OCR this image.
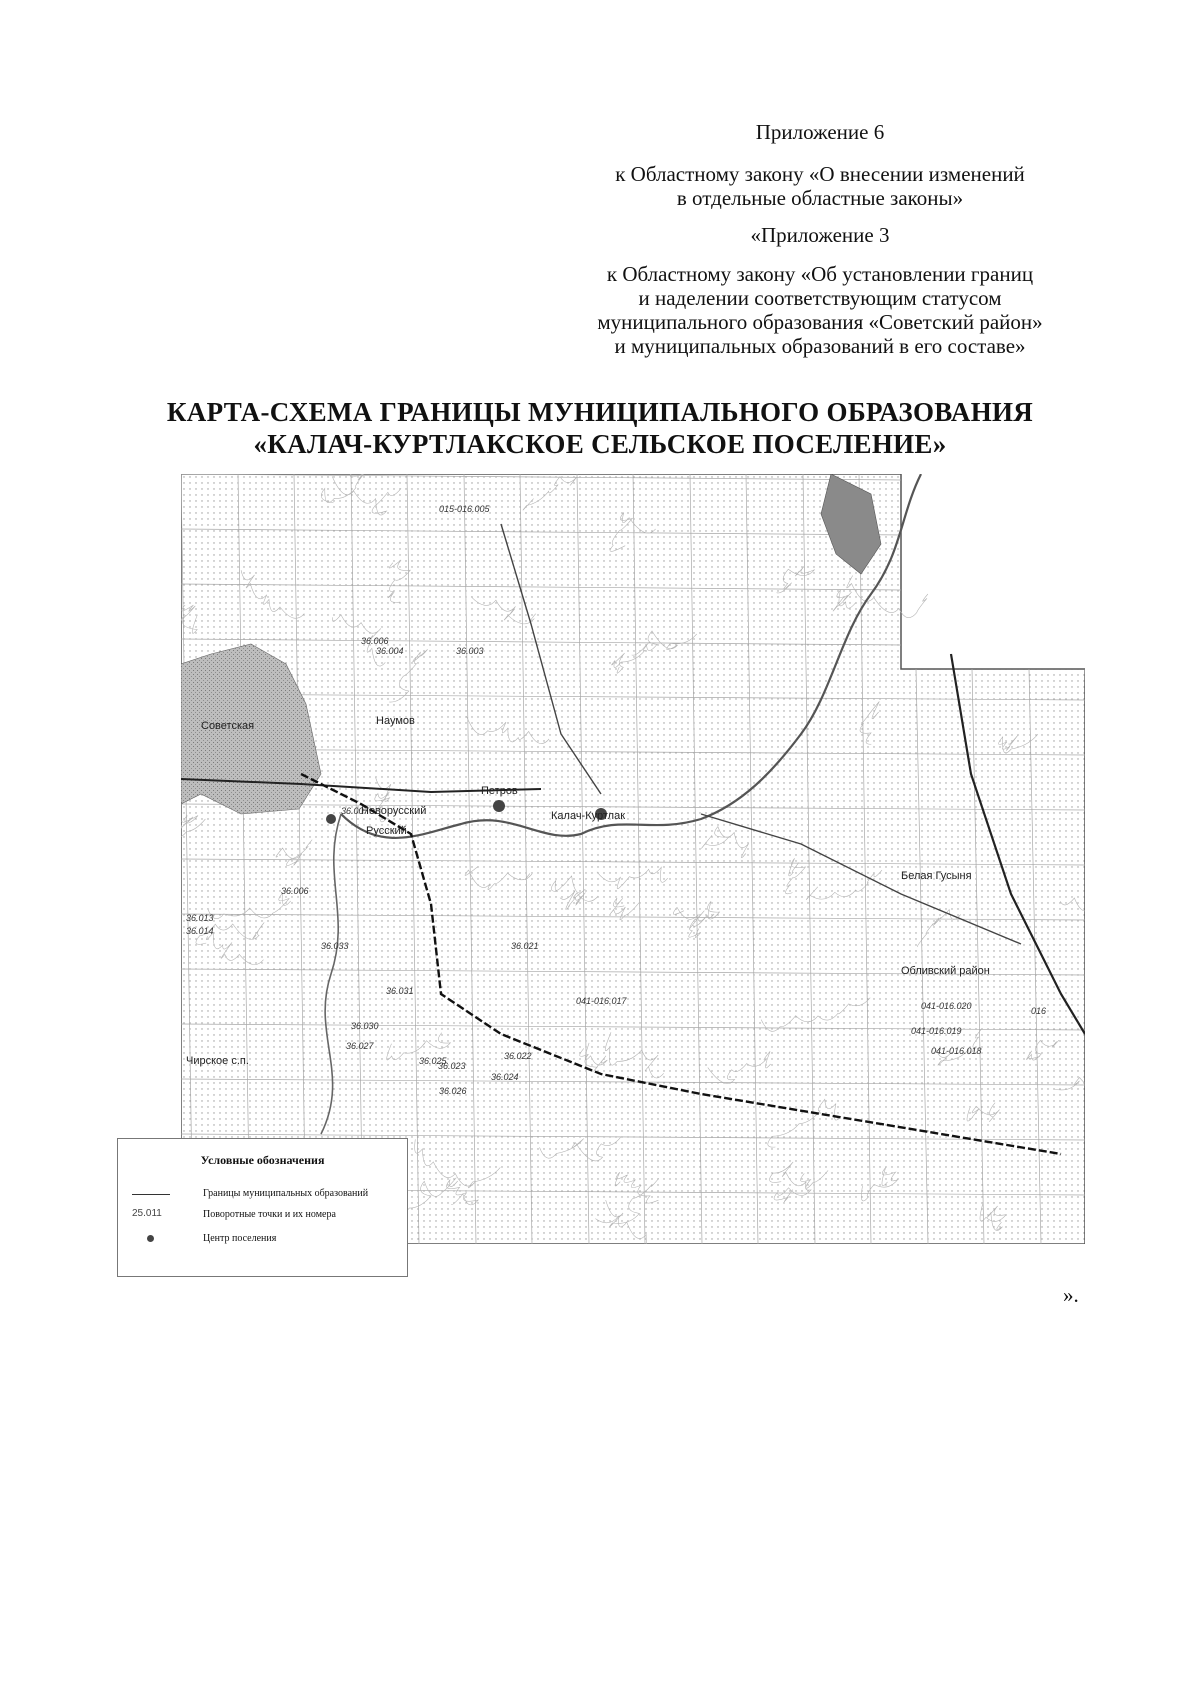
Приложение 6
к Областному закону «О внесении изменений
в отдельные областные законы»
«Приложение 3
к Областному закону «Об установлении границ
и наделении соответствующим статусом
муниципального образования «Советский район»
и муниципальных образований в его составе»
КАРТА-СХЕМА ГРАНИЦЫ МУНИЦИПАЛЬНОГО ОБРАЗОВАНИЯ
«КАЛАЧ-КУРТЛАКСКОЕ СЕЛЬСКОЕ ПОСЕЛЕНИЕ»
Советская	Наумов
Петров
Калач-Куртлак
Новорусский
Русский
Чирское с.п.
Белая Гусыня
Обливский район
015-016.005
36.006
36.004	36.003
36.007
36.006
36.033
36.031
36.021
36.030
36.022
36.027
36.023
36.024
36.025
36.026
041-016.017	041-016.020	016
041-016.019
041-016.018
36.013
36.014
Условные обозначения
Границы муниципальных образований
25.011	Поворотные точки и их номера
Центр поселения
».
